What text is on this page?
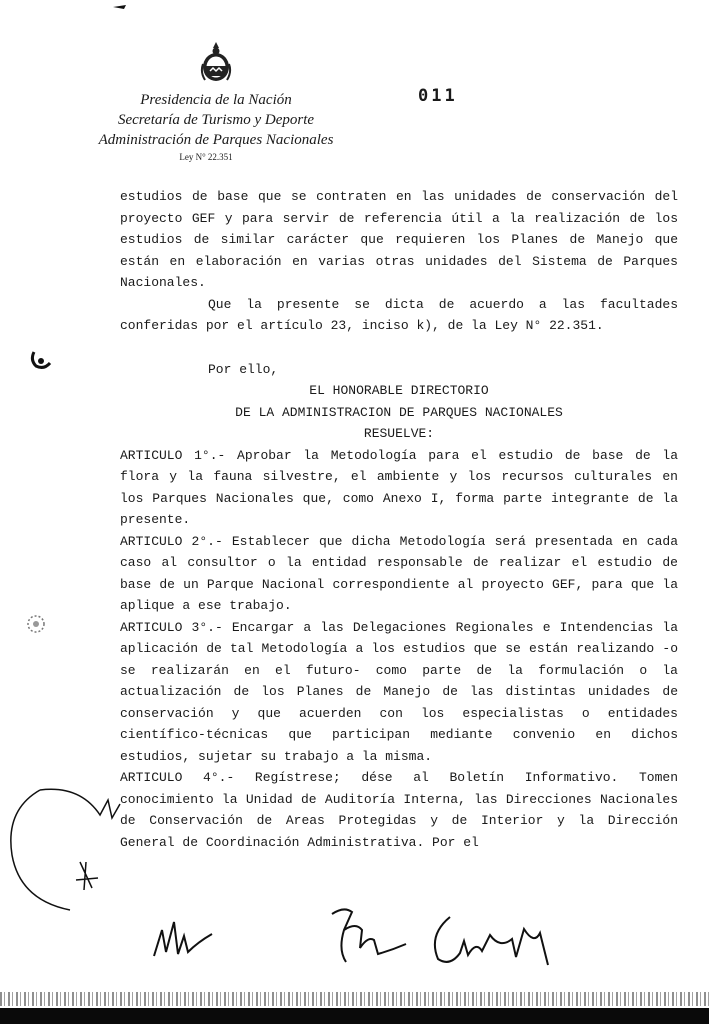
Presidencia de la Nación
Secretaría de Turismo y Deporte
Administración de Parques Nacionales
Ley N° 22.351
011

estudios de base que se contraten en las unidades de conservación del proyecto GEF y para servir de referencia útil a la realización de los estudios de similar carácter que requieren los Planes de Manejo que están en elaboración en varias otras unidades del Sistema de Parques Nacionales.

Que la presente se dicta de acuerdo a las facultades conferidas por el artículo 23, inciso k), de la Ley N° 22.351.

Por ello,

EL HONORABLE DIRECTORIO

DE LA ADMINISTRACION DE PARQUES NACIONALES

RESUELVE:

ARTICULO 1°.- Aprobar la Metodología para el estudio de base de la flora y la fauna silvestre, el ambiente y los recursos culturales en los Parques Nacionales que, como Anexo I, forma parte integrante de la presente.

ARTICULO 2°.- Establecer que dicha Metodología será presentada en cada caso al consultor o la entidad responsable de realizar el estudio de base de un Parque Nacional correspondiente al proyecto GEF, para que la aplique a ese trabajo.

ARTICULO 3°.- Encargar a las Delegaciones Regionales e Intendencias la aplicación de tal Metodología a los estudios que se están realizando -o se realizarán en el futuro- como parte de la formulación o la actualización de los Planes de Manejo de las distintas unidades de conservación y que acuerden con los especialistas o entidades científico-técnicas que participan mediante convenio en dichos estudios, sujetar su trabajo a la misma.

ARTICULO 4°.- Regístrese; dése al Boletín Informativo. Tomen conocimiento la Unidad de Auditoría Interna, las Direcciones Nacionales de Conservación de Areas Protegidas y de Interior y la Dirección General de Coordinación Administrativa. Por el
